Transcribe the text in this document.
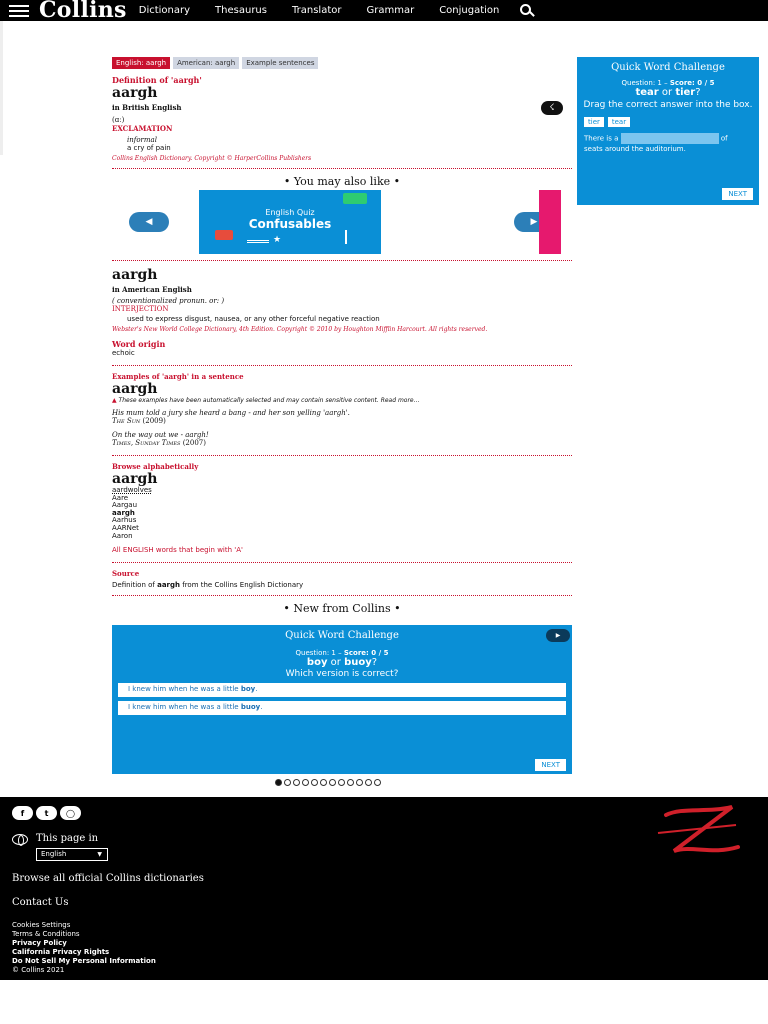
Collins Dictionary	Thesaurus	Translator	Grammar	Conjugation
English: aargh	American: aargh	Example sentences
Definition of 'aargh'
aargh
in British English
(ɑː)
EXCLAMATION
informal
a cry of pain
Collins English Dictionary. Copyright © HarperCollins Publishers
☇
• You may also like •
◀
English Quiz
Confusables
★
▶
aargh
in American English
( conventionalized pronun. or: )
INTERJECTION
used to express disgust, nausea, or any other forceful negative reaction
Webster's New World College Dictionary, 4th Edition. Copyright © 2010 by Houghton Mifflin Harcourt. All rights reserved.
Word origin
echoic
Examples of 'aargh' in a sentence
aargh
▲ These examples have been automatically selected and may contain sensitive content. Read more…
His mum told a jury she heard a bang - and her son yelling 'aargh'.
The Sun (2009)
On the way out we - aargh!
Times, Sunday Times (2007)
Browse alphabetically
aargh
aardwolves
Aare
Aargau
aargh
Aarhus
AARNet
Aaron
All ENGLISH words that begin with 'A'
Source
Definition of aargh from the Collins English Dictionary
• New from Collins •
Quick Word Challenge
Question: 1 – Score: 0 / 5
tear or tier?
Drag the correct answer into the box.
tier	tear
There is a	of
seats around the auditorium.
NEXT
Quick Word Challenge	▶
Question: 1 – Score: 0 / 5
boy or buoy?
Which version is correct?
I knew him when he was a little boy.
I knew him when he was a little buoy.
NEXT
f	t	◯
This page in
English	▼
Browse all official Collins dictionaries
Contact Us
Cookies Settings
Terms & Conditions
Privacy Policy
California Privacy Rights
Do Not Sell My Personal Information
© Collins 2021
